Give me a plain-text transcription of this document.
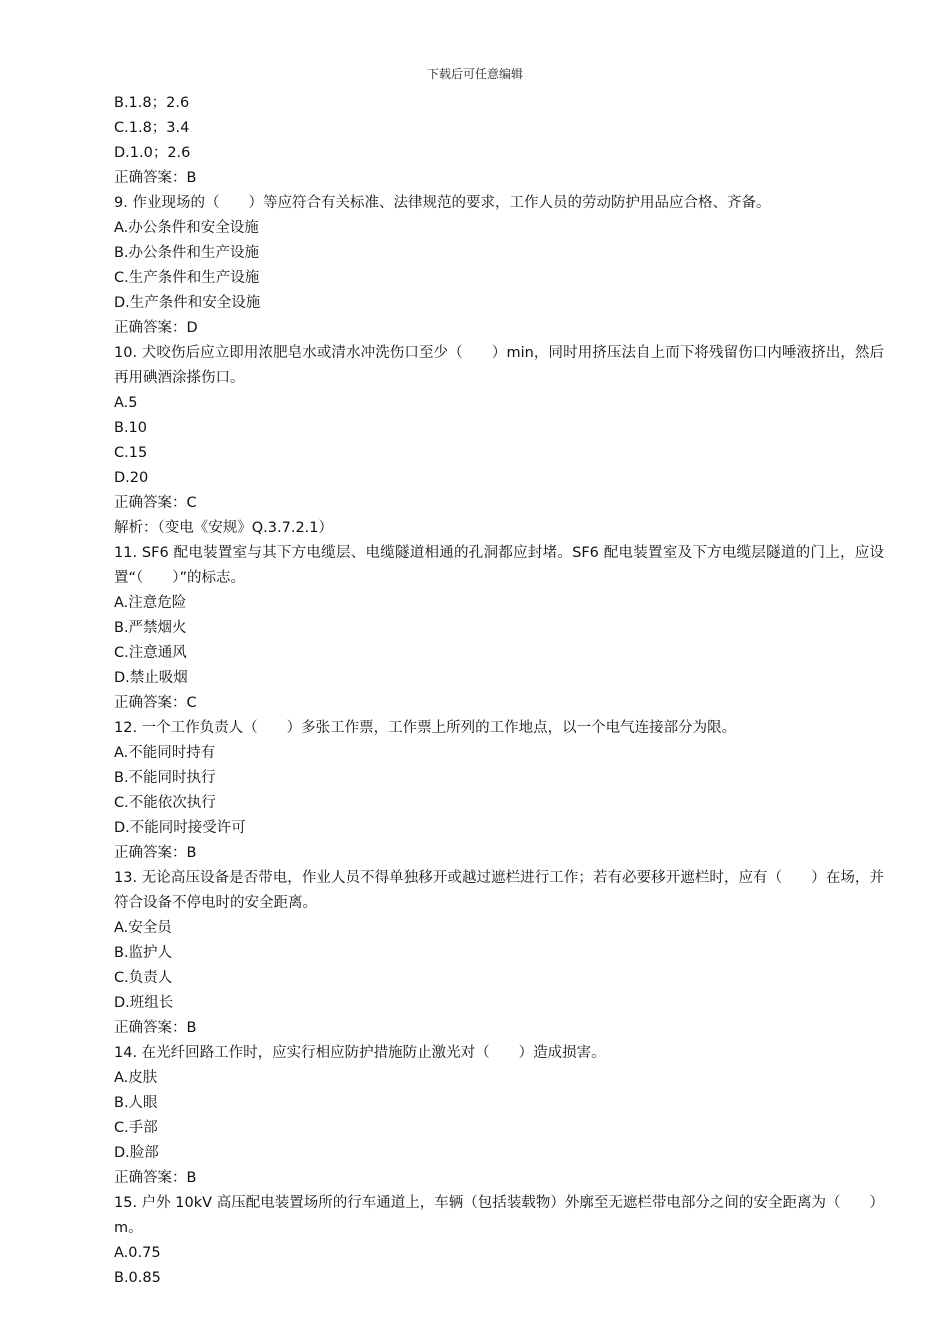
下载后可任意编辑
B.1.8；2.6
C.1.8；3.4
D.1.0；2.6
正确答案：B
9. 作业现场的（　　）等应符合有关标准、法律规范的要求，工作人员的劳动防护用品应合格、齐备。
A.办公条件和安全设施
B.办公条件和生产设施
C.生产条件和生产设施
D.生产条件和安全设施
正确答案：D
10. 犬咬伤后应立即用浓肥皂水或清水冲洗伤口至少（　　）min，同时用挤压法自上而下将残留伤口内唾液挤出，然后再用碘酒涂搽伤口。
A.5
B.10
C.15
D.20
正确答案：C
解析：（变电《安规》Q.3.7.2.1）
11. SF6 配电装置室与其下方电缆层、电缆隧道相通的孔洞都应封堵。SF6 配电装置室及下方电缆层隧道的门上，应设置“（　　）”的标志。
A.注意危险
B.严禁烟火
C.注意通风
D.禁止吸烟
正确答案：C
12. 一个工作负责人（　　）多张工作票，工作票上所列的工作地点，以一个电气连接部分为限。
A.不能同时持有
B.不能同时执行
C.不能依次执行
D.不能同时接受许可
正确答案：B
13. 无论高压设备是否带电，作业人员不得单独移开或越过遮栏进行工作；若有必要移开遮栏时，应有（　　）在场，并符合设备不停电时的安全距离。
A.安全员
B.监护人
C.负责人
D.班组长
正确答案：B
14. 在光纤回路工作时，应实行相应防护措施防止激光对（　　）造成损害。
A.皮肤
B.人眼
C.手部
D.脸部
正确答案：B
15. 户外 10kV 高压配电装置场所的行车通道上，车辆（包括装载物）外廓至无遮栏带电部分之间的安全距离为（　　）m。
A.0.75
B.0.85
